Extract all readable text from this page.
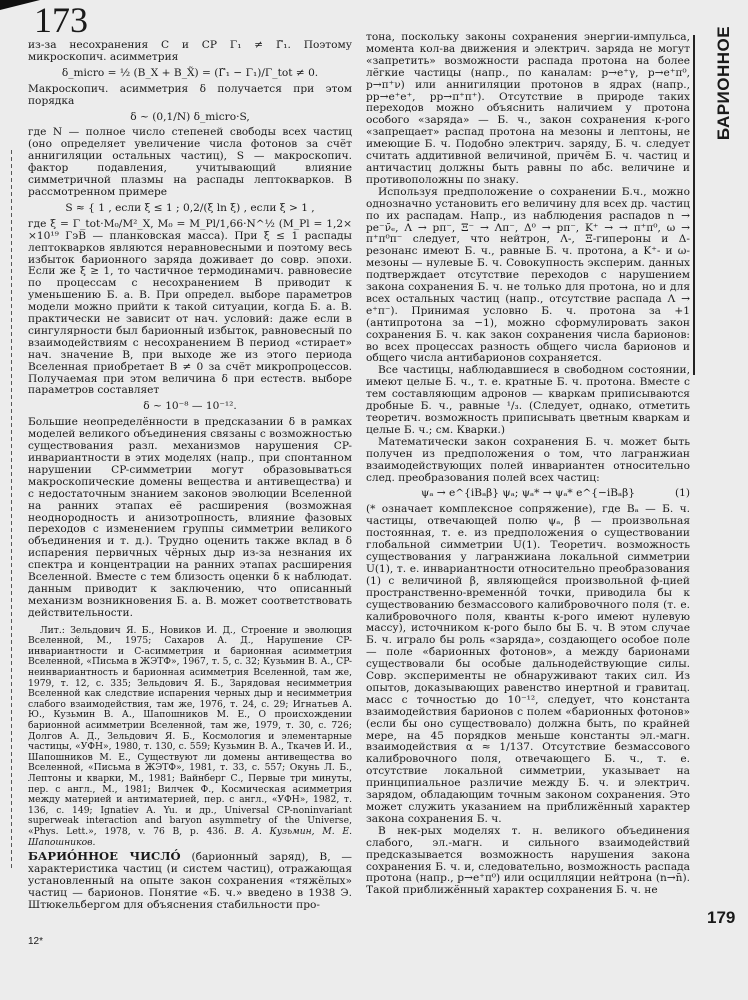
173

из-за несохранения C и CP Γ₁ ≠ Γ̃₁. Поэтому микроскопич. асимметрия

δ_micro = ½ (B_X + B_X̃) = (Γ̃₁ − Γ₁)/Γ_tot ≠ 0.

Макроскопич. асимметрия δ получается при этом порядка

δ ~ (0,1/N) δ_micro·S,

где N — полное число степеней свободы всех частиц (оно определяет увеличение числа фотонов за счёт аннигиляции остальных частиц), S — макроскопич. фактор подавления, учитывающий влияние симметричной плазмы на распады лептокварков. В рассмотренном примере

S ≈ { 1 , если ξ ≤ 1 ; 0,2/(ξ ln ξ) , если ξ > 1 ,

где ξ = Γ_tot·M₀/M²_X, M₀ = M_Pl/1,66·N^½ (M_Pl = 1,2× ×10¹⁹ ГэВ — планковская масса). При ξ ≤ 1 распады лептокварков являются неравновесными и поэтому весь избыток барионного заряда доживает до совр. эпохи. Если же ξ ≥ 1, то частичное термодинамич. равновесие по процессам с несохранением B приводит к уменьшению Б. а. В. При определ. выборе параметров модели можно прийти к такой ситуации, когда Б. а. В. практически не зависит от нач. условий: даже если в сингулярности был барионный избыток, равновесный по взаимодействиям с несохранением B период «стирает» нач. значение B, при выходе же из этого периода Вселенная приобретает B ≠ 0 за счёт микропроцессов. Получаемая при этом величина δ при естеств. выборе параметров составляет

δ ~ 10⁻⁸ — 10⁻¹².

Большие неопределённости в предсказании δ в рамках моделей великого объединения связаны с возможностью существования разл. механизмов нарушения CP-инвариантности в этих моделях (напр., при спонтанном нарушении CP-симметрии могут образовываться макроскопические домены вещества и антивещества) и с недостаточным знанием законов эволюции Вселенной на ранних этапах её расширения (возможная неоднородность и анизотропность, влияние фазовых переходов с изменением группы симметрии великого объединения и т. д.). Трудно оценить также вклад в δ испарения первичных чёрных дыр из-за незнания их спектра и концентрации на ранних этапах расширения Вселенной. Вместе с тем близость оценки δ к наблюдат. данным приводит к заключению, что описанный механизм возникновения Б. а. В. может соответствовать действительности.

Лит.: Зельдович Я. Б., Новиков И. Д., Строение и эволюция Вселенной, М., 1975; Сахаров А. Д., Нарушение CP-инвариантности и C-асимметрия и барионная асимметрия Вселенной, «Письма в ЖЭТФ», 1967, т. 5, с. 32; Кузьмин В. А., CP-неинвариантность и барионная асимметрия Вселенной, там же, 1979, т. 12, с. 335; Зельдович Я. Б., Зарядовая несимметрия Вселенной как следствие испарения черных дыр и несимметрия слабого взаимодействия, там же, 1976, т. 24, с. 29; Игнатьев А. Ю., Кузьмин В. А., Шапошников М. Е., О происхождении барионной асимметрии Вселенной, там же, 1979, т. 30, с. 726; Долгов А. Д., Зельдович Я. Б., Космология и элементарные частицы, «УФН», 1980, т. 130, с. 559; Кузьмин В. А., Ткачев И. И., Шапошников М. Е., Существуют ли домены антивещества во Вселенной, «Письма в ЖЭТФ», 1981, т. 33, с. 557; Окунь Л. Б., Лептоны и кварки, М., 1981; Вайнберг С., Первые три минуты, пер. с англ., М., 1981; Вилчек Ф., Космическая асимметрия между материей и антиматерией, пер. с англ., «УФН», 1982, т. 136, с. 149; Ignatiev A. Yu. и др., Universal CP-noninvariant superweak interaction and baryon asymmetry of the Universe, «Phys. Lett.», 1978, v. 76 B, p. 436. В. А. Кузьмин, М. Е. Шапошников.

БАРИО́ННОЕ ЧИСЛО́ (барионный заряд), B, — характеристика частиц (и систем частиц), отражающая установленный на опыте закон сохранения «тяжёлых» частиц — барионов. Понятие «Б. ч.» введено в 1938 Э. Штюкельбергом для объяснения стабильности про-

тона, поскольку законы сохранения энергии-импульса, момента кол-ва движения и электрич. заряда не могут «запретить» возможности распада протона на более лёгкие частицы (напр., по каналам: p→e⁺γ, p→e⁺π⁰, p→π⁺ν) или аннигиляции протонов в ядрах (напр., pp→e⁺e⁺, pp→π⁺π⁺). Отсутствие в природе таких переходов можно объяснить наличием у протона особого «заряда» — Б. ч., закон сохранения к-рого «запрещает» распад протона на мезоны и лептоны, не имеющие Б. ч. Подобно электрич. заряду, Б. ч. следует считать аддитивной величиной, причём Б. ч. частиц и античастиц должны быть равны по абс. величине и противоположны по знаку.

Используя предположение о сохранении Б.ч., можно однозначно установить его величину для всех др. частиц по их распадам. Напр., из наблюдения распадов n → pe⁻ν̄ₑ, Λ → pπ⁻, Ξ⁻ → Λπ⁻, Δ⁰ → pπ⁻, K⁺ → → π⁺π⁰, ω → π⁺π⁰π⁻ следует, что нейтрон, Λ-, Ξ-гипероны и Δ-резонанс имеют Б. ч., равные Б. ч. протона, а K⁺- и ω-мезоны — нулевые Б. ч. Совокупность эксперим. данных подтверждает отсутствие переходов с нарушением закона сохранения Б. ч. не только для протона, но и для всех остальных частиц (напр., отсутствие распада Λ → e⁺π⁻). Принимая условно Б. ч. протона за +1 (антипротона за −1), можно сформулировать закон сохранения Б. ч. как закон сохранения числа барионов: во всех процессах разность общего числа барионов и общего числа антибарионов сохраняется.

Все частицы, наблюдавшиеся в свободном состоянии, имеют целые Б. ч., т. е. кратные Б. ч. протона. Вместе с тем составляющим адронов — кваркам приписываются дробные Б. ч., равные ¹/₃. (Следует, однако, отметить теоретич. возможность приписывать цветным кваркам и целые Б. ч.; см. Кварки.)

Математически закон сохранения Б. ч. может быть получен из предположения о том, что лагранжиан взаимодействующих полей инвариантен относительно след. преобразования полей всех частиц:

ψₐ → e^{iBₐβ} ψₐ; ψₐ* → ψₐ* e^{−iBₐβ}	(1)

(* означает комплексное сопряжение), где Bₐ — Б. ч. частицы, отвечающей полю ψₐ, β — произвольная постоянная, т. е. из предположения о существовании глобальной симметрии U(1). Теоретич. возможность существования у лагранжиана локальной симметрии U(1), т. е. инвариантности относительно преобразования (1) с величиной β, являющейся произвольной ф-цией пространственно-временнóй точки, приводила бы к существованию безмассового калибровочного поля (т. е. калибровочного поля, кванты к-рого имеют нулевую массу), источником к-рого было бы Б. ч. В этом случае Б. ч. играло бы роль «заряда», создающего особое поле — поле «барионных фотонов», а между барионами существовали бы особые дальнодействующие силы. Совр. эксперименты не обнаруживают таких сил. Из опытов, доказывающих равенство инертной и гравитац. масс с точностью до 10⁻¹², следует, что константа взаимодействия барионов с полем «барионных фотонов» (если бы оно существовало) должна быть, по крайней мере, на 45 порядков меньше константы эл.-магн. взаимодействия α ≈ 1/137. Отсутствие безмассового калибровочного поля, отвечающего Б. ч., т. е. отсутствие локальной симметрии, указывает на принципиальное различие между Б. ч. и электрич. зарядом, обладающим точным законом сохранения. Это может служить указанием на приближённый характер закона сохранения Б. ч.

В нек-рых моделях т. н. великого объединения слабого, эл.-магн. и сильного взаимодействий предсказывается возможность нарушения закона сохранения Б. ч. и, следовательно, возможность распада протона (напр., p→e⁺π⁰) или осцилляции нейтрона (n→n̄). Такой приближённый характер сохранения Б. ч. не

БАРИОННОЕ
179
12*
